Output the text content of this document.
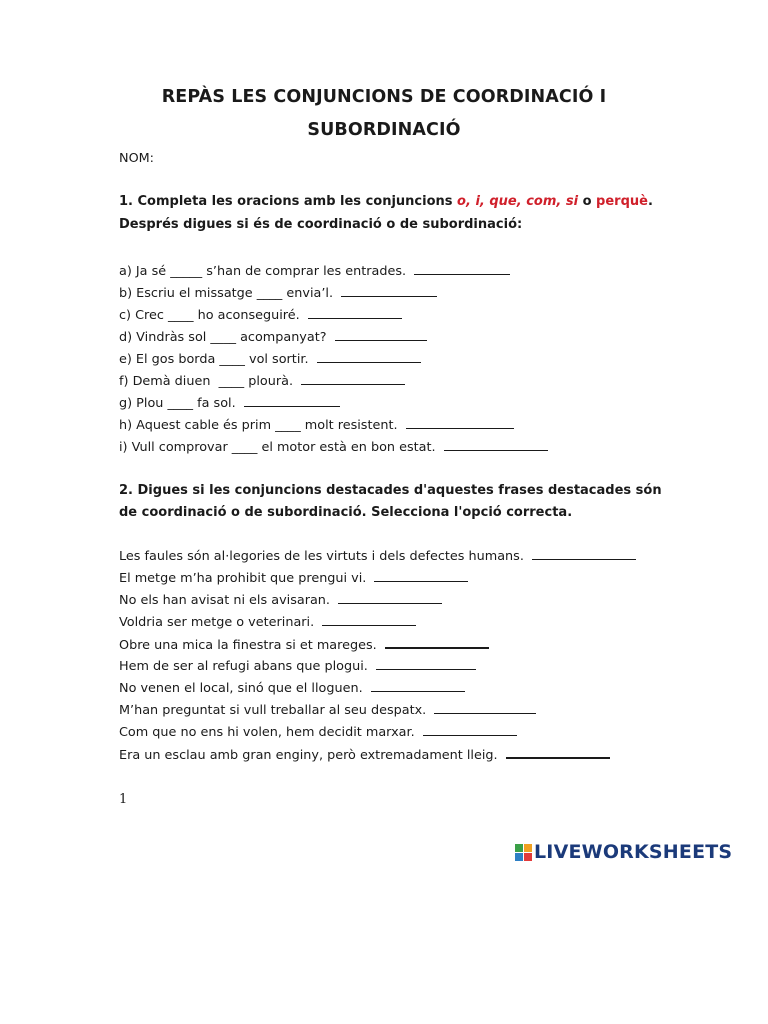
REPÀS LES CONJUNCIONS DE COORDINACIÓ I
SUBORDINACIÓ
NOM:
1. Completa les oracions amb les conjuncions o, i, que, com, si o perquè.
Després digues si és de coordinació o de subordinació:
a) Ja sé _____ s’han de comprar les entrades.
b) Escriu el missatge ____ envia’l.
c) Crec ____ ho aconseguiré.
d) Vindràs sol ____ acompanyat?
e) El gos borda ____ vol sortir.
f) Demà diuen  ____ plourà.
g) Plou ____ fa sol.
h) Aquest cable és prim ____ molt resistent.
i) Vull comprovar ____ el motor està en bon estat.
2. Digues si les conjuncions destacades d'aquestes frases destacades són
de coordinació o de subordinació. Selecciona l'opció correcta.
Les faules són al·legories de les virtuts i dels defectes humans.
El metge m’ha prohibit que prengui vi.
No els han avisat ni els avisaran.
Voldria ser metge o veterinari.
Obre una mica la finestra si et mareges.
Hem de ser al refugi abans que plogui.
No venen el local, sinó que el lloguen.
M’han preguntat si vull treballar al seu despatx.
Com que no ens hi volen, hem decidit marxar.
Era un esclau amb gran enginy, però extremadament lleig.
1
LIVEWORKSHEETS
